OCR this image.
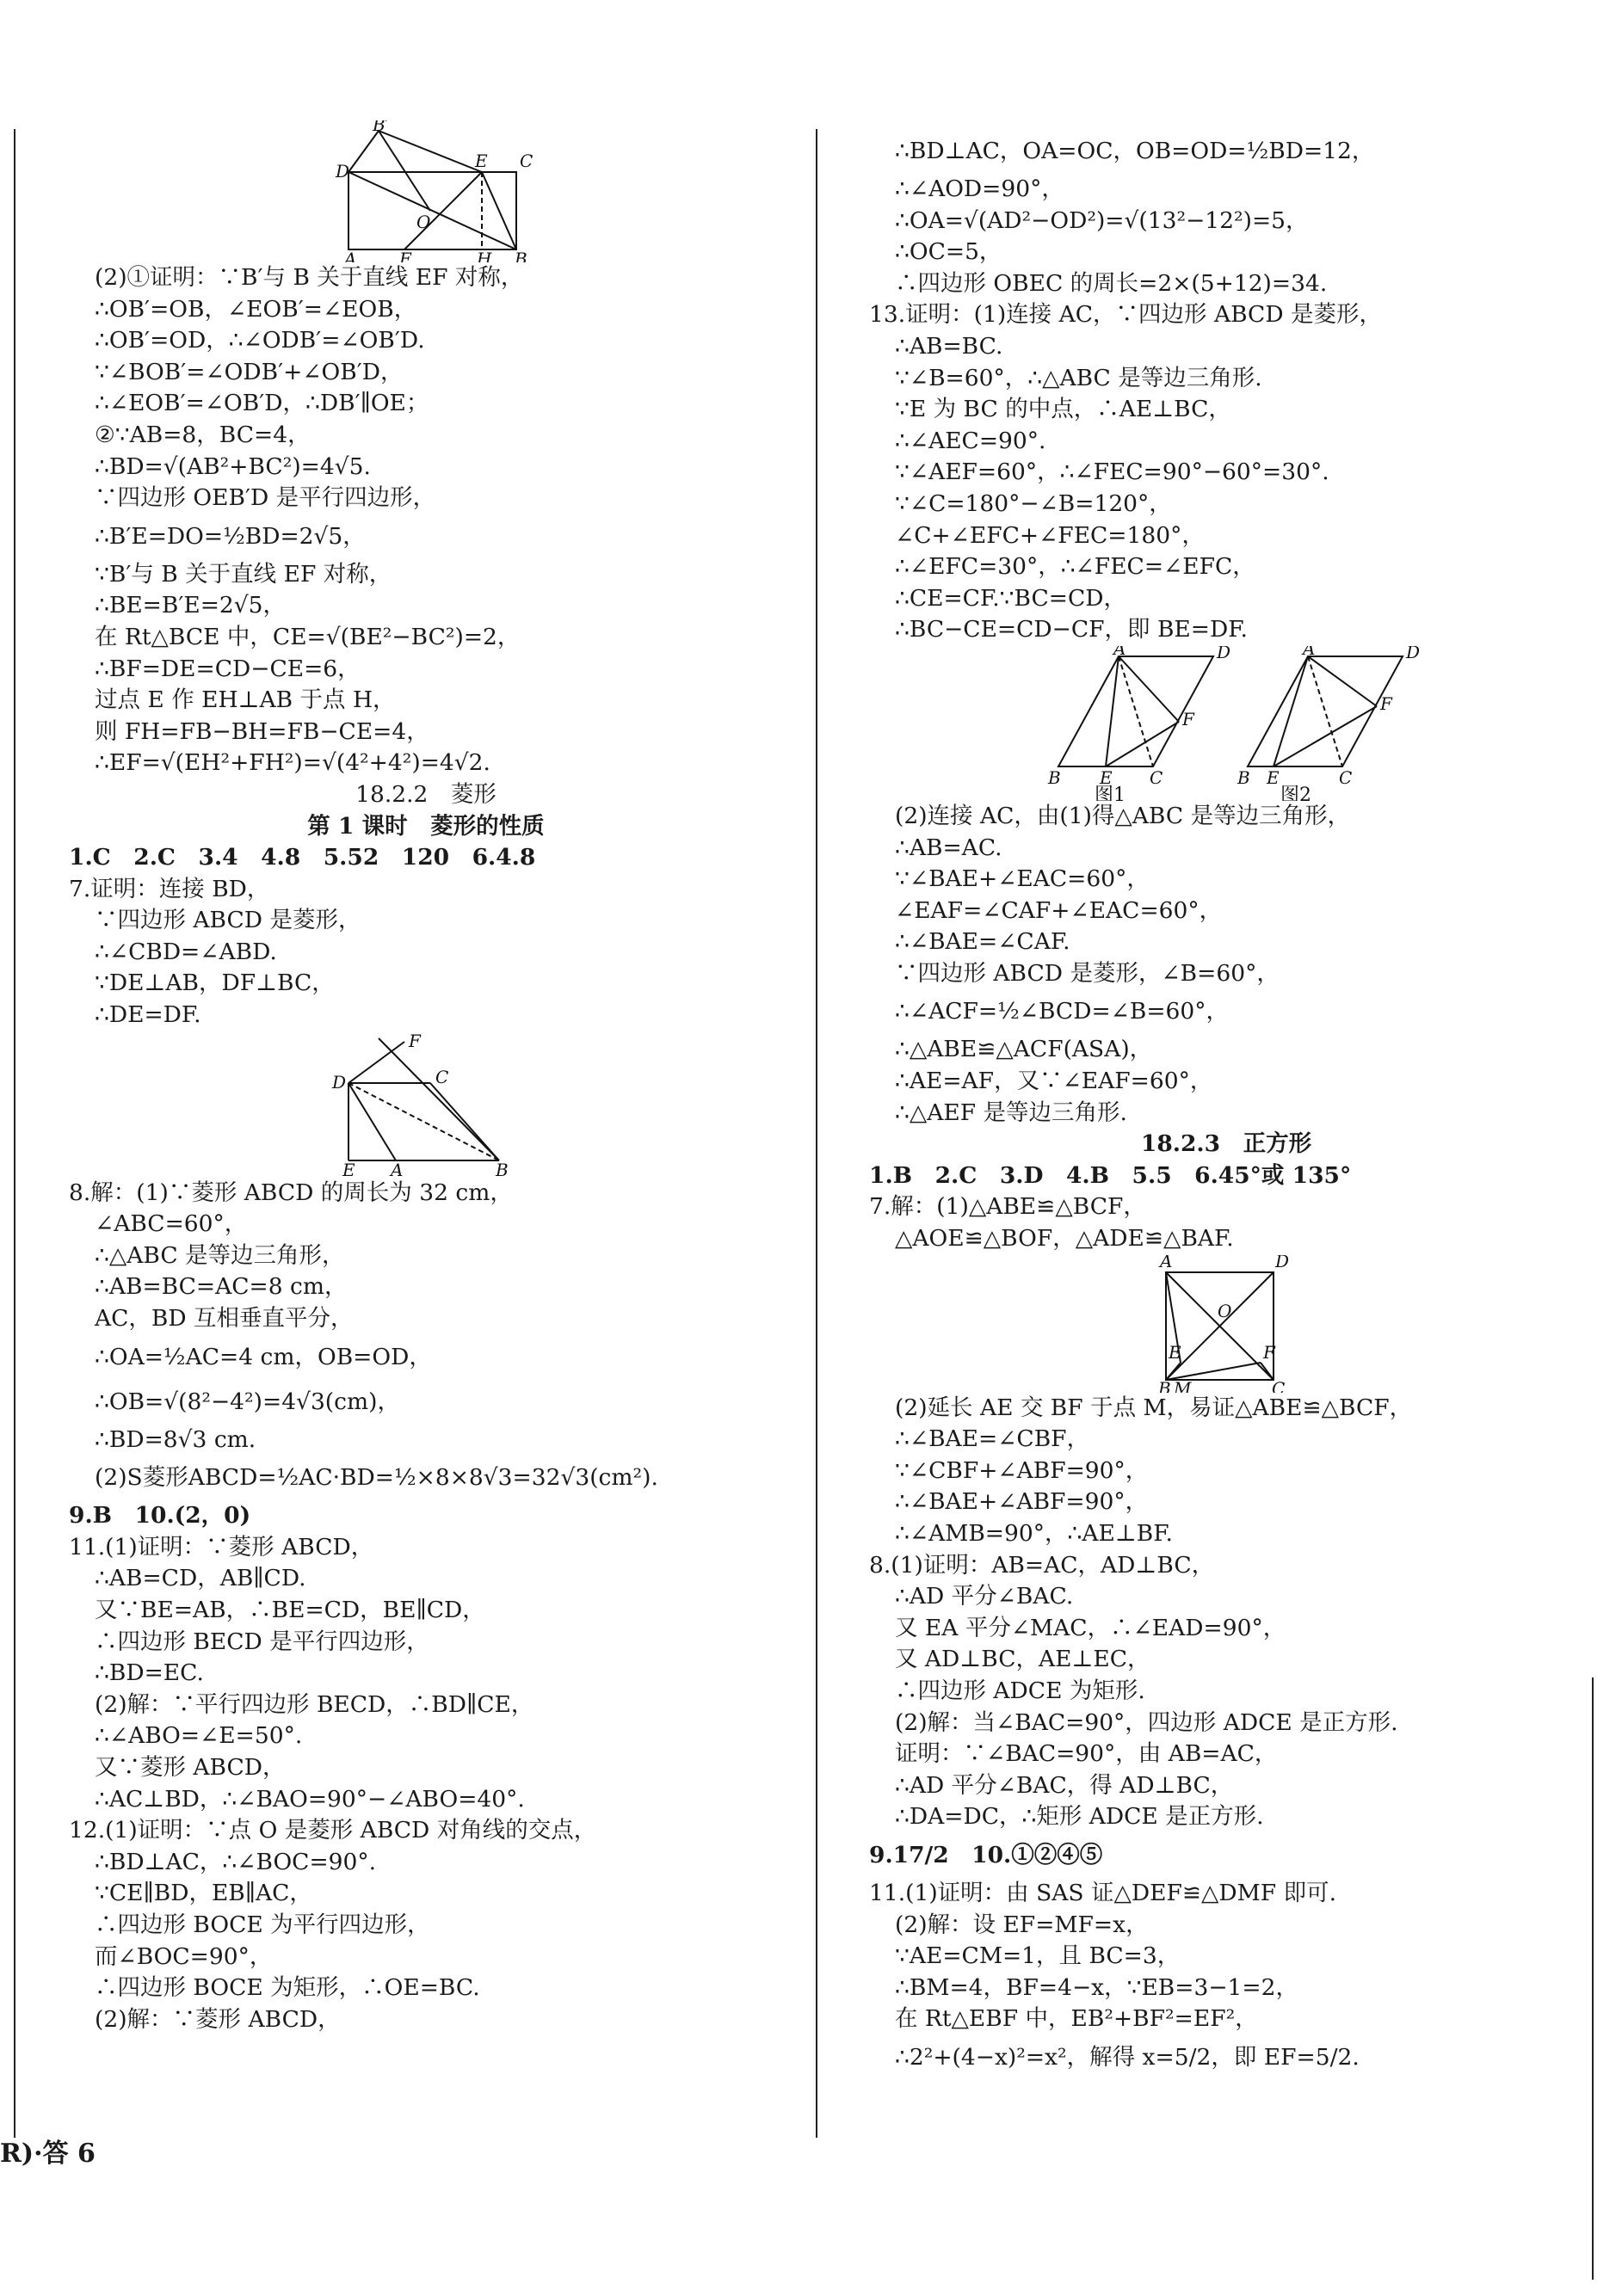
B′
D	E C
O
A F	H B
(2)①证明：∵B′与 B 关于直线 EF 对称，
∴OB′=OB，∠EOB′=∠EOB，
∴OB′=OD，∴∠ODB′=∠OB′D.
∵∠BOB′=∠ODB′+∠OB′D，
∴∠EOB′=∠OB′D，∴DB′∥OE；
②∵AB=8，BC=4，
∴BD=√(AB²+BC²)=4√5.
∵四边形 OEB′D 是平行四边形，
∴B′E=DO=½BD=2√5，
∵B′与 B 关于直线 EF 对称，
∴BE=B′E=2√5，
在 Rt△BCE 中，CE=√(BE²−BC²)=2，
∴BF=DE=CD−CE=6，
过点 E 作 EH⊥AB 于点 H，
则 FH=FB−BH=FB−CE=4，
∴EF=√(EH²+FH²)=√(4²+4²)=4√2.
18.2.2　菱形
第 1 课时　菱形的性质
1.C　2.C　3.4　4.8　5.52　120　6.4.8
7.证明：连接 BD，
∵四边形 ABCD 是菱形，
∴∠CBD=∠ABD.
∵DE⊥AB，DF⊥BC，
∴DE=DF.
F
D	C
E A	B
8.解：(1)∵菱形 ABCD 的周长为 32 cm，
∠ABC=60°，
∴△ABC 是等边三角形，
∴AB=BC=AC=8 cm，
AC，BD 互相垂直平分，
∴OA=½AC=4 cm，OB=OD，
∴OB=√(8²−4²)=4√3(cm)，
∴BD=8√3 cm.
(2)S菱形ABCD=½AC·BD=½×8×8√3=32√3(cm²).
9.B　10.(2，0)
11.(1)证明：∵菱形 ABCD，
∴AB=CD，AB∥CD.
又∵BE=AB，∴BE=CD，BE∥CD，
∴四边形 BECD 是平行四边形，
∴BD=EC.
(2)解：∵平行四边形 BECD，∴BD∥CE，
∴∠ABO=∠E=50°.
又∵菱形 ABCD，
∴AC⊥BD，∴∠BAO=90°−∠ABO=40°.
12.(1)证明：∵点 O 是菱形 ABCD 对角线的交点，
∴BD⊥AC，∴∠BOC=90°.
∵CE∥BD，EB∥AC，
∴四边形 BOCE 为平行四边形，
而∠BOC=90°，
∴四边形 BOCE 为矩形，∴OE=BC.
(2)解：∵菱形 ABCD，
∴BD⊥AC，OA=OC，OB=OD=½BD=12，
∴∠AOD=90°，
∴OA=√(AD²−OD²)=√(13²−12²)=5，
∴OC=5，
∴四边形 OBEC 的周长=2×(5+12)=34.
13.证明：(1)连接 AC，∵四边形 ABCD 是菱形，
∴AB=BC.
∵∠B=60°，∴△ABC 是等边三角形.
∵E 为 BC 的中点，∴AE⊥BC，
∴∠AEC=90°.
∵∠AEF=60°，∴∠FEC=90°−60°=30°.
∵∠C=180°−∠B=120°，
∠C+∠EFC+∠FEC=180°，
∴∠EFC=30°，∴∠FEC=∠EFC，
∴CE=CF.∵BC=CD，
∴BC−CE=CD−CF，即 BE=DF.
A	D
F
B E C
A	D
F
B E	C
图1	图2
(2)连接 AC，由(1)得△ABC 是等边三角形，
∴AB=AC.
∵∠BAE+∠EAC=60°，
∠EAF=∠CAF+∠EAC=60°，
∴∠BAE=∠CAF.
∵四边形 ABCD 是菱形，∠B=60°，
∴∠ACF=½∠BCD=∠B=60°，
∴△ABE≌△ACF(ASA)，
∴AE=AF，又∵∠EAF=60°，
∴△AEF 是等边三角形.
18.2.3　正方形
1.B　2.C　3.D　4.B　5.5　6.45°或 135°
7.解：(1)△ABE≌△BCF，
△AOE≌△BOF，△ADE≌△BAF.
A	D
O
E	F
B M	C
(2)延长 AE 交 BF 于点 M，易证△ABE≌△BCF，
∴∠BAE=∠CBF，
∵∠CBF+∠ABF=90°，
∴∠BAE+∠ABF=90°，
∴∠AMB=90°，∴AE⊥BF.
8.(1)证明：AB=AC，AD⊥BC，
∴AD 平分∠BAC.
又 EA 平分∠MAC，∴∠EAD=90°，
又 AD⊥BC，AE⊥EC，
∴四边形 ADCE 为矩形.
(2)解：当∠BAC=90°，四边形 ADCE 是正方形.
证明：∵∠BAC=90°，由 AB=AC，
∴AD 平分∠BAC，得 AD⊥BC，
∴DA=DC，∴矩形 ADCE 是正方形.
9.17/2　10.①②④⑤
11.(1)证明：由 SAS 证△DEF≌△DMF 即可.
(2)解：设 EF=MF=x，
∵AE=CM=1，且 BC=3，
∴BM=4，BF=4−x，∵EB=3−1=2，
在 Rt△EBF 中，EB²+BF²=EF²，
∴2²+(4−x)²=x²，解得 x=5/2，即 EF=5/2.
R)·答 6
